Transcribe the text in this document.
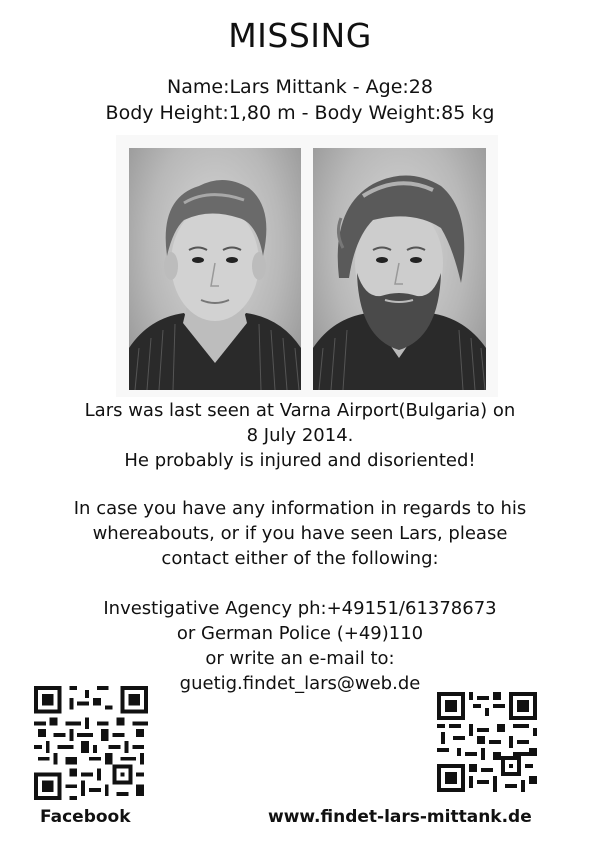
MISSING
Name:Lars Mittank - Age:28
Body Height:1,80 m - Body Weight:85 kg
Lars was last seen at Varna Airport(Bulgaria) on
8 July 2014.
He probably is injured and disoriented!
In case you have any information in regards to his
whereabouts, or if you have seen Lars, please
contact either of the following:
Investigative Agency ph:+49151/61378673
or German Police (+49)110
or write an e-mail to:
guetig.findet_lars@web.de
Facebook	www.findet-lars-mittank.de
